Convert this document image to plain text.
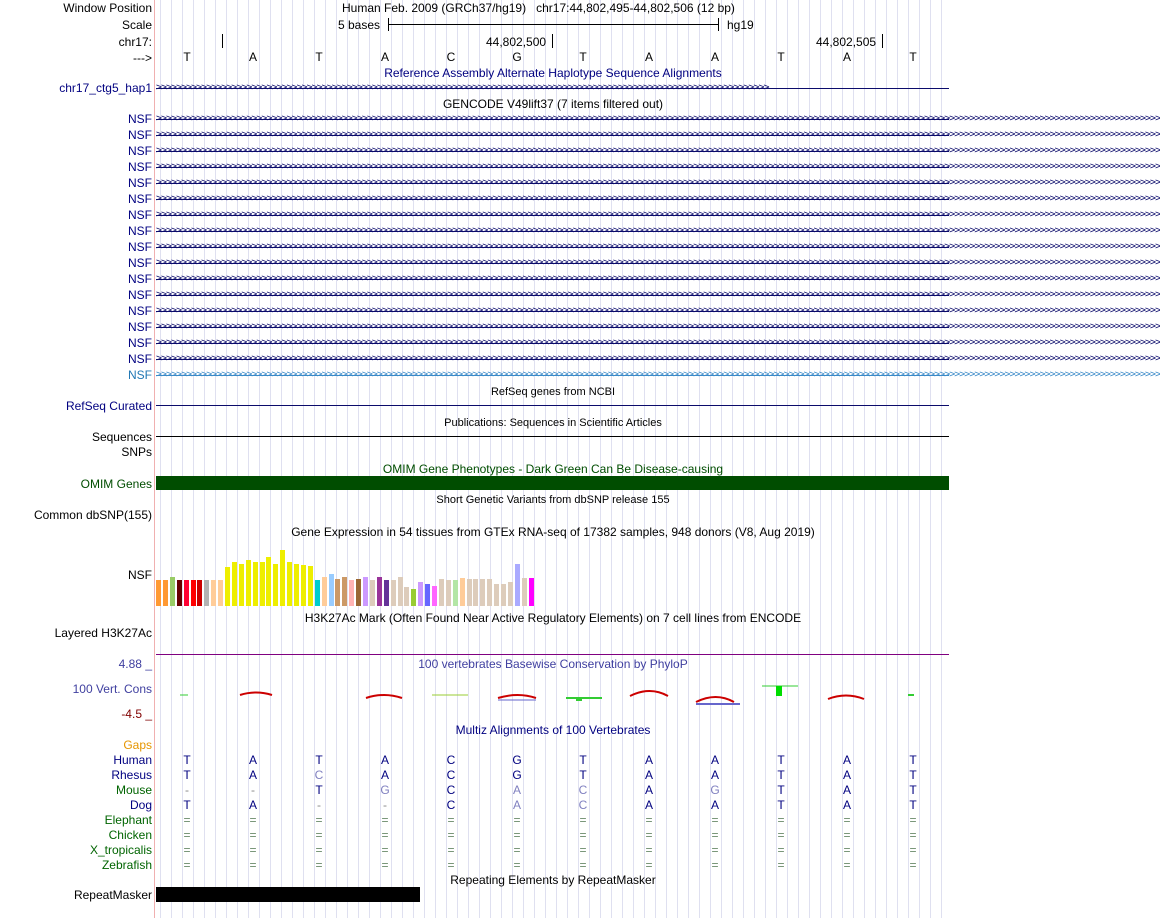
Window Position	Human Feb. 2009 (GRCh37/hg19)   chr17:44,802,495-44,802,506 (12 bp)
Scale	5 bases	hg19
chr17:	44,802,500	44,802,505
--->	T	A	T	A	C	G	T	A	A	T	A	T
Reference Assembly Alternate Haplotype Sequence Alignments
chr17_ctg5_hap1 >>>>>>>>>>>>>>>>>>>>>>>>>>>>>>>>>>>>>>>>>>>>>>>>>>>>>>>>>>>>>>>>>>>>>>>>>>>>>>>>>>>>>>>>>>>>>>>>>>>>>>>>>>>>>>>>>>>>>>>>>>
GENCODE V49lift37 (7 items filtered out)
NSF >>>>>>>>>>>>>>>>>>>>>>>>>>>>>>>>>>>>>>>>>>>>>>>>>>>>>>>>>>>>>>>>>>>>>>>>>>>>>>>>>>>>>>>>>>>>>>>>>>>>>>>>>>>>>>>>>>>>>>>>>>>>>>>>>>>>>>>>>>>>>>>>>>>>>>>>>>>>>>>>>>>>>>>>>>>>>>>>>>>>>>>>>>>>>>>>>>>>>>>>
NSF >>>>>>>>>>>>>>>>>>>>>>>>>>>>>>>>>>>>>>>>>>>>>>>>>>>>>>>>>>>>>>>>>>>>>>>>>>>>>>>>>>>>>>>>>>>>>>>>>>>>>>>>>>>>>>>>>>>>>>>>>>>>>>>>>>>>>>>>>>>>>>>>>>>>>>>>>>>>>>>>>>>>>>>>>>>>>>>>>>>>>>>>>>>>>>>>>>>>>>>>
NSF >>>>>>>>>>>>>>>>>>>>>>>>>>>>>>>>>>>>>>>>>>>>>>>>>>>>>>>>>>>>>>>>>>>>>>>>>>>>>>>>>>>>>>>>>>>>>>>>>>>>>>>>>>>>>>>>>>>>>>>>>>>>>>>>>>>>>>>>>>>>>>>>>>>>>>>>>>>>>>>>>>>>>>>>>>>>>>>>>>>>>>>>>>>>>>>>>>>>>>>>
NSF >>>>>>>>>>>>>>>>>>>>>>>>>>>>>>>>>>>>>>>>>>>>>>>>>>>>>>>>>>>>>>>>>>>>>>>>>>>>>>>>>>>>>>>>>>>>>>>>>>>>>>>>>>>>>>>>>>>>>>>>>>>>>>>>>>>>>>>>>>>>>>>>>>>>>>>>>>>>>>>>>>>>>>>>>>>>>>>>>>>>>>>>>>>>>>>>>>>>>>>>
NSF >>>>>>>>>>>>>>>>>>>>>>>>>>>>>>>>>>>>>>>>>>>>>>>>>>>>>>>>>>>>>>>>>>>>>>>>>>>>>>>>>>>>>>>>>>>>>>>>>>>>>>>>>>>>>>>>>>>>>>>>>>>>>>>>>>>>>>>>>>>>>>>>>>>>>>>>>>>>>>>>>>>>>>>>>>>>>>>>>>>>>>>>>>>>>>>>>>>>>>>>
NSF >>>>>>>>>>>>>>>>>>>>>>>>>>>>>>>>>>>>>>>>>>>>>>>>>>>>>>>>>>>>>>>>>>>>>>>>>>>>>>>>>>>>>>>>>>>>>>>>>>>>>>>>>>>>>>>>>>>>>>>>>>>>>>>>>>>>>>>>>>>>>>>>>>>>>>>>>>>>>>>>>>>>>>>>>>>>>>>>>>>>>>>>>>>>>>>>>>>>>>>>
NSF >>>>>>>>>>>>>>>>>>>>>>>>>>>>>>>>>>>>>>>>>>>>>>>>>>>>>>>>>>>>>>>>>>>>>>>>>>>>>>>>>>>>>>>>>>>>>>>>>>>>>>>>>>>>>>>>>>>>>>>>>>>>>>>>>>>>>>>>>>>>>>>>>>>>>>>>>>>>>>>>>>>>>>>>>>>>>>>>>>>>>>>>>>>>>>>>>>>>>>>>
NSF >>>>>>>>>>>>>>>>>>>>>>>>>>>>>>>>>>>>>>>>>>>>>>>>>>>>>>>>>>>>>>>>>>>>>>>>>>>>>>>>>>>>>>>>>>>>>>>>>>>>>>>>>>>>>>>>>>>>>>>>>>>>>>>>>>>>>>>>>>>>>>>>>>>>>>>>>>>>>>>>>>>>>>>>>>>>>>>>>>>>>>>>>>>>>>>>>>>>>>>>
NSF >>>>>>>>>>>>>>>>>>>>>>>>>>>>>>>>>>>>>>>>>>>>>>>>>>>>>>>>>>>>>>>>>>>>>>>>>>>>>>>>>>>>>>>>>>>>>>>>>>>>>>>>>>>>>>>>>>>>>>>>>>>>>>>>>>>>>>>>>>>>>>>>>>>>>>>>>>>>>>>>>>>>>>>>>>>>>>>>>>>>>>>>>>>>>>>>>>>>>>>>
NSF >>>>>>>>>>>>>>>>>>>>>>>>>>>>>>>>>>>>>>>>>>>>>>>>>>>>>>>>>>>>>>>>>>>>>>>>>>>>>>>>>>>>>>>>>>>>>>>>>>>>>>>>>>>>>>>>>>>>>>>>>>>>>>>>>>>>>>>>>>>>>>>>>>>>>>>>>>>>>>>>>>>>>>>>>>>>>>>>>>>>>>>>>>>>>>>>>>>>>>>>
NSF >>>>>>>>>>>>>>>>>>>>>>>>>>>>>>>>>>>>>>>>>>>>>>>>>>>>>>>>>>>>>>>>>>>>>>>>>>>>>>>>>>>>>>>>>>>>>>>>>>>>>>>>>>>>>>>>>>>>>>>>>>>>>>>>>>>>>>>>>>>>>>>>>>>>>>>>>>>>>>>>>>>>>>>>>>>>>>>>>>>>>>>>>>>>>>>>>>>>>>>>
NSF >>>>>>>>>>>>>>>>>>>>>>>>>>>>>>>>>>>>>>>>>>>>>>>>>>>>>>>>>>>>>>>>>>>>>>>>>>>>>>>>>>>>>>>>>>>>>>>>>>>>>>>>>>>>>>>>>>>>>>>>>>>>>>>>>>>>>>>>>>>>>>>>>>>>>>>>>>>>>>>>>>>>>>>>>>>>>>>>>>>>>>>>>>>>>>>>>>>>>>>>
NSF >>>>>>>>>>>>>>>>>>>>>>>>>>>>>>>>>>>>>>>>>>>>>>>>>>>>>>>>>>>>>>>>>>>>>>>>>>>>>>>>>>>>>>>>>>>>>>>>>>>>>>>>>>>>>>>>>>>>>>>>>>>>>>>>>>>>>>>>>>>>>>>>>>>>>>>>>>>>>>>>>>>>>>>>>>>>>>>>>>>>>>>>>>>>>>>>>>>>>>>>
NSF >>>>>>>>>>>>>>>>>>>>>>>>>>>>>>>>>>>>>>>>>>>>>>>>>>>>>>>>>>>>>>>>>>>>>>>>>>>>>>>>>>>>>>>>>>>>>>>>>>>>>>>>>>>>>>>>>>>>>>>>>>>>>>>>>>>>>>>>>>>>>>>>>>>>>>>>>>>>>>>>>>>>>>>>>>>>>>>>>>>>>>>>>>>>>>>>>>>>>>>>
NSF >>>>>>>>>>>>>>>>>>>>>>>>>>>>>>>>>>>>>>>>>>>>>>>>>>>>>>>>>>>>>>>>>>>>>>>>>>>>>>>>>>>>>>>>>>>>>>>>>>>>>>>>>>>>>>>>>>>>>>>>>>>>>>>>>>>>>>>>>>>>>>>>>>>>>>>>>>>>>>>>>>>>>>>>>>>>>>>>>>>>>>>>>>>>>>>>>>>>>>>>
NSF >>>>>>>>>>>>>>>>>>>>>>>>>>>>>>>>>>>>>>>>>>>>>>>>>>>>>>>>>>>>>>>>>>>>>>>>>>>>>>>>>>>>>>>>>>>>>>>>>>>>>>>>>>>>>>>>>>>>>>>>>>>>>>>>>>>>>>>>>>>>>>>>>>>>>>>>>>>>>>>>>>>>>>>>>>>>>>>>>>>>>>>>>>>>>>>>>>>>>>>>
NSF >>>>>>>>>>>>>>>>>>>>>>>>>>>>>>>>>>>>>>>>>>>>>>>>>>>>>>>>>>>>>>>>>>>>>>>>>>>>>>>>>>>>>>>>>>>>>>>>>>>>>>>>>>>>>>>>>>>>>>>>>>>>>>>>>>>>>>>>>>>>>>>>>>>>>>>>>>>>>>>>>>>>>>>>>>>>>>>>>>>>>>>>>>>>>>>>>>>>>>>>
RefSeq genes from NCBI
RefSeq Curated
Publications: Sequences in Scientific Articles
Sequences
SNPs
OMIM Gene Phenotypes - Dark Green Can Be Disease-causing
OMIM Genes
Short Genetic Variants from dbSNP release 155
Common dbSNP(155)
Gene Expression in 54 tissues from GTEx RNA-seq of 17382 samples, 948 donors (V8, Aug 2019)
NSF
H3K27Ac Mark (Often Found Near Active Regulatory Elements) on 7 cell lines from ENCODE
Layered H3K27Ac
100 vertebrates Basewise Conservation by PhyloP
4.88 _
100 Vert. Cons
-4.5 _
Multiz Alignments of 100 Vertebrates
Gaps
Human	T	A	T	A	C	G	T	A	A	T	A	T
Rhesus	T	A	C	A	C	G	T	A	A	T	A	T
Mouse	-	-	T	G	C	A	C	A	G	T	A	T
Dog	T	A	-	-	C	A	C	A	A	T	A	T
Elephant	=	=	=	=	=	=	=	=	=	=	=	=
Chicken	=	=	=	=	=	=	=	=	=	=	=	=
X_tropicalis	=	=	=	=	=	=	=	=	=	=	=	=
Zebrafish	=	=	=	=	=	=	=	=	=	=	=	=
Repeating Elements by RepeatMasker
RepeatMasker
